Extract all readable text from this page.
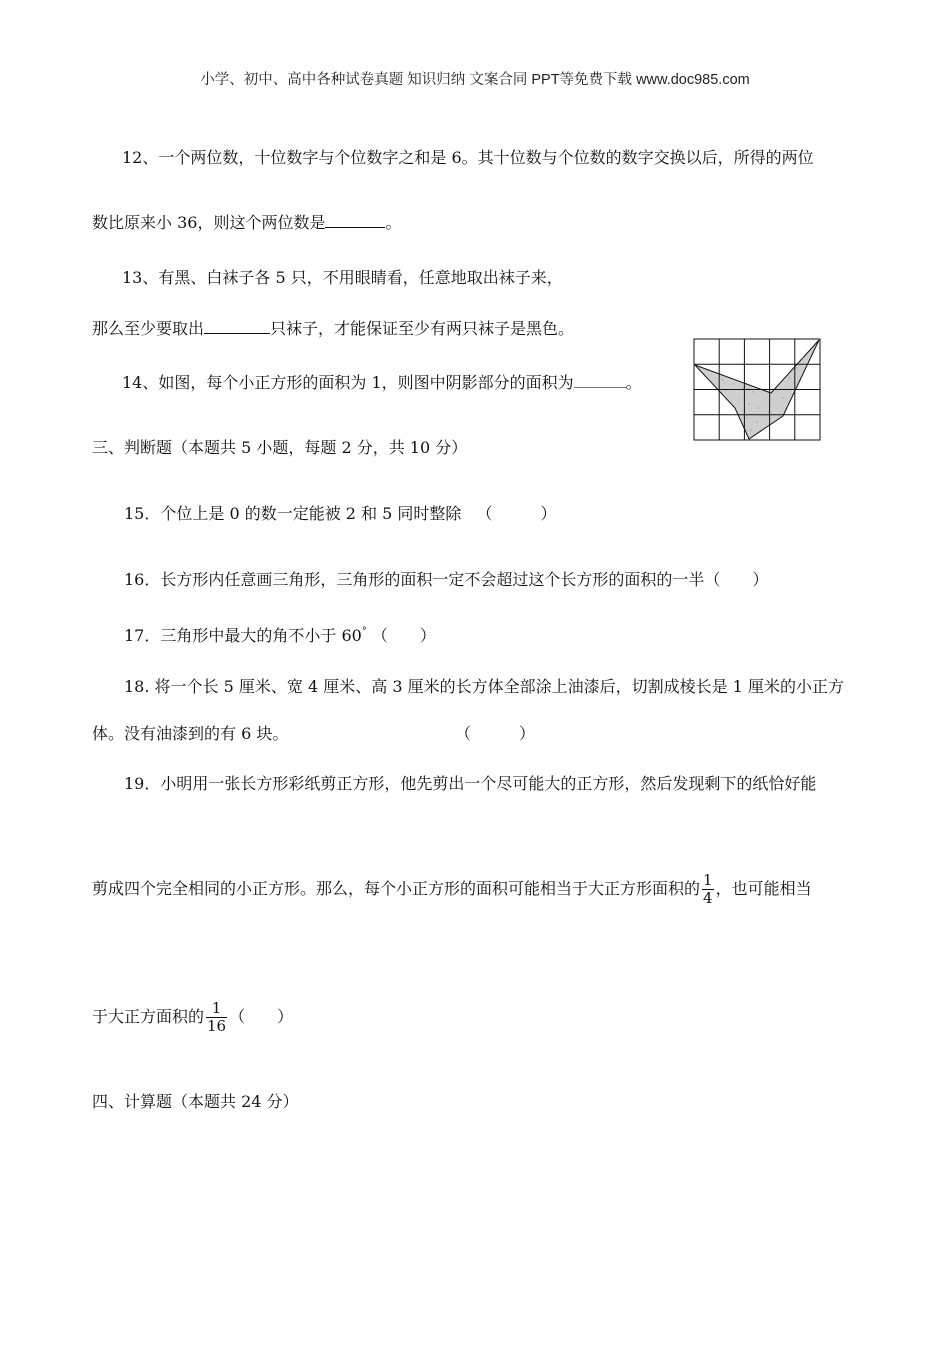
小学、初中、高中各种试卷真题 知识归纳 文案合同 PPT等免费下载 www.doc985.com
12、一个两位数，十位数字与个位数字之和是 6。其十位数与个位数的数字交换以后，所得的两位
数比原来小 36，则这个两位数是	。
13、有黑、白袜子各 5 只，不用眼睛看，任意地取出袜子来，
那么至少要取出	只袜子，才能保证至少有两只袜子是黑色。
14、如图，每个小正方形的面积为 1，则图中阴影部分的面积为	。
三、判断题（本题共 5 小题，每题 2 分，共 10 分）
15．个位上是 0 的数一定能被 2 和 5 同时整除 （　　　）
16．长方形内任意画三角形，三角形的面积一定不会超过这个长方形的面积的一半（　　）
17．三角形中最大的角不小于 60° （　　）
18. 将一个长 5 厘米、宽 4 厘米、高 3 厘米的长方体全部涂上油漆后，切割成棱长是 1 厘米的小正方
体。没有油漆到的有 6 块。	（　　　）
19．小明用一张长方形彩纸剪正方形，他先剪出一个尽可能大的正方形，然后发现剩下的纸恰好能
剪成四个完全相同的小正方形。那么，每个小正方形的面积可能相当于大正方形面积的 $\frac{1}{4}$ ，也可能相当
于大正方面积的 $\frac{1}{16}$ （　　）
四、计算题（本题共 24 分）
